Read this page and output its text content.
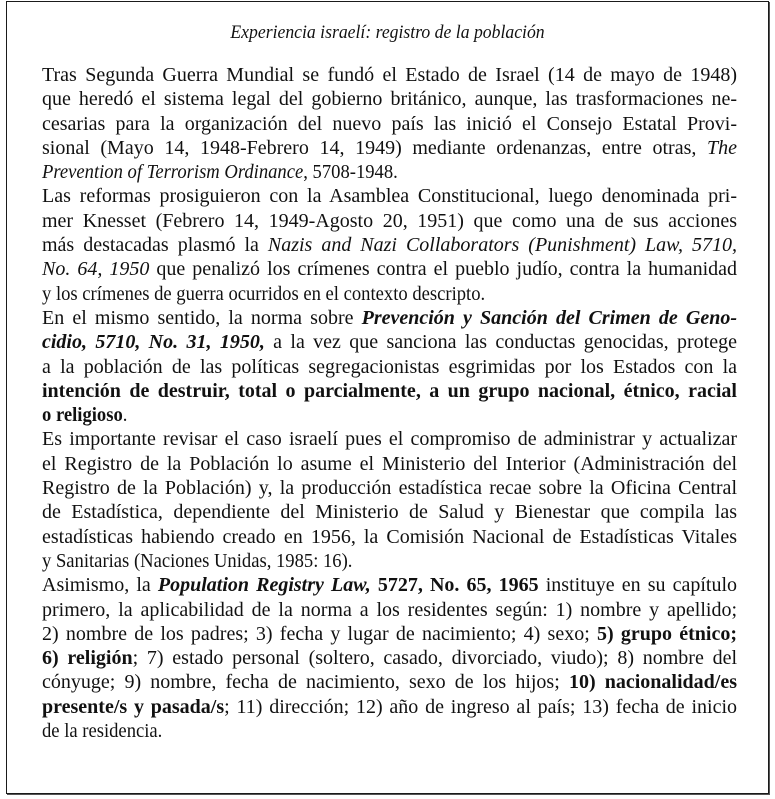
Experiencia israelí: registro de la población
Tras Segunda Guerra Mundial se fundó el Estado de Israel (14 de mayo de 1948)
que heredó el sistema legal del gobierno británico, aunque, las trasformaciones ne-
cesarias para la organización del nuevo país las inició el Consejo Estatal Provi-
sional (Mayo 14, 1948-Febrero 14, 1949) mediante ordenanzas, entre otras, The
Prevention of Terrorism Ordinance, 5708-1948.
Las reformas prosiguieron con la Asamblea Constitucional, luego denominada pri-
mer Knesset (Febrero 14, 1949-Agosto 20, 1951) que como una de sus acciones
más destacadas plasmó la Nazis and Nazi Collaborators (Punishment) Law, 5710,
No. 64, 1950 que penalizó los crímenes contra el pueblo judío, contra la humanidad
y los crímenes de guerra ocurridos en el contexto descripto.
En el mismo sentido, la norma sobre Prevención y Sanción del Crimen de Geno-
cidio, 5710, No. 31, 1950, a la vez que sanciona las conductas genocidas, protege
a la población de las políticas segregacionistas esgrimidas por los Estados con la
intención de destruir, total o parcialmente, a un grupo nacional, étnico, racial
o religioso.
Es importante revisar el caso israelí pues el compromiso de administrar y actualizar
el Registro de la Población lo asume el Ministerio del Interior (Administración del
Registro de la Población) y, la producción estadística recae sobre la Oficina Central
de Estadística, dependiente del Ministerio de Salud y Bienestar que compila las
estadísticas habiendo creado en 1956, la Comisión Nacional de Estadísticas Vitales
y Sanitarias (Naciones Unidas, 1985: 16).
Asimismo, la Population Registry Law, 5727, No. 65, 1965 instituye en su capítulo
primero, la aplicabilidad de la norma a los residentes según: 1) nombre y apellido;
2) nombre de los padres; 3) fecha y lugar de nacimiento; 4) sexo; 5) grupo étnico;
6) religión; 7) estado personal (soltero, casado, divorciado, viudo); 8) nombre del
cónyuge; 9) nombre, fecha de nacimiento, sexo de los hijos; 10) nacionalidad/es
presente/s y pasada/s; 11) dirección; 12) año de ingreso al país; 13) fecha de inicio
de la residencia.
